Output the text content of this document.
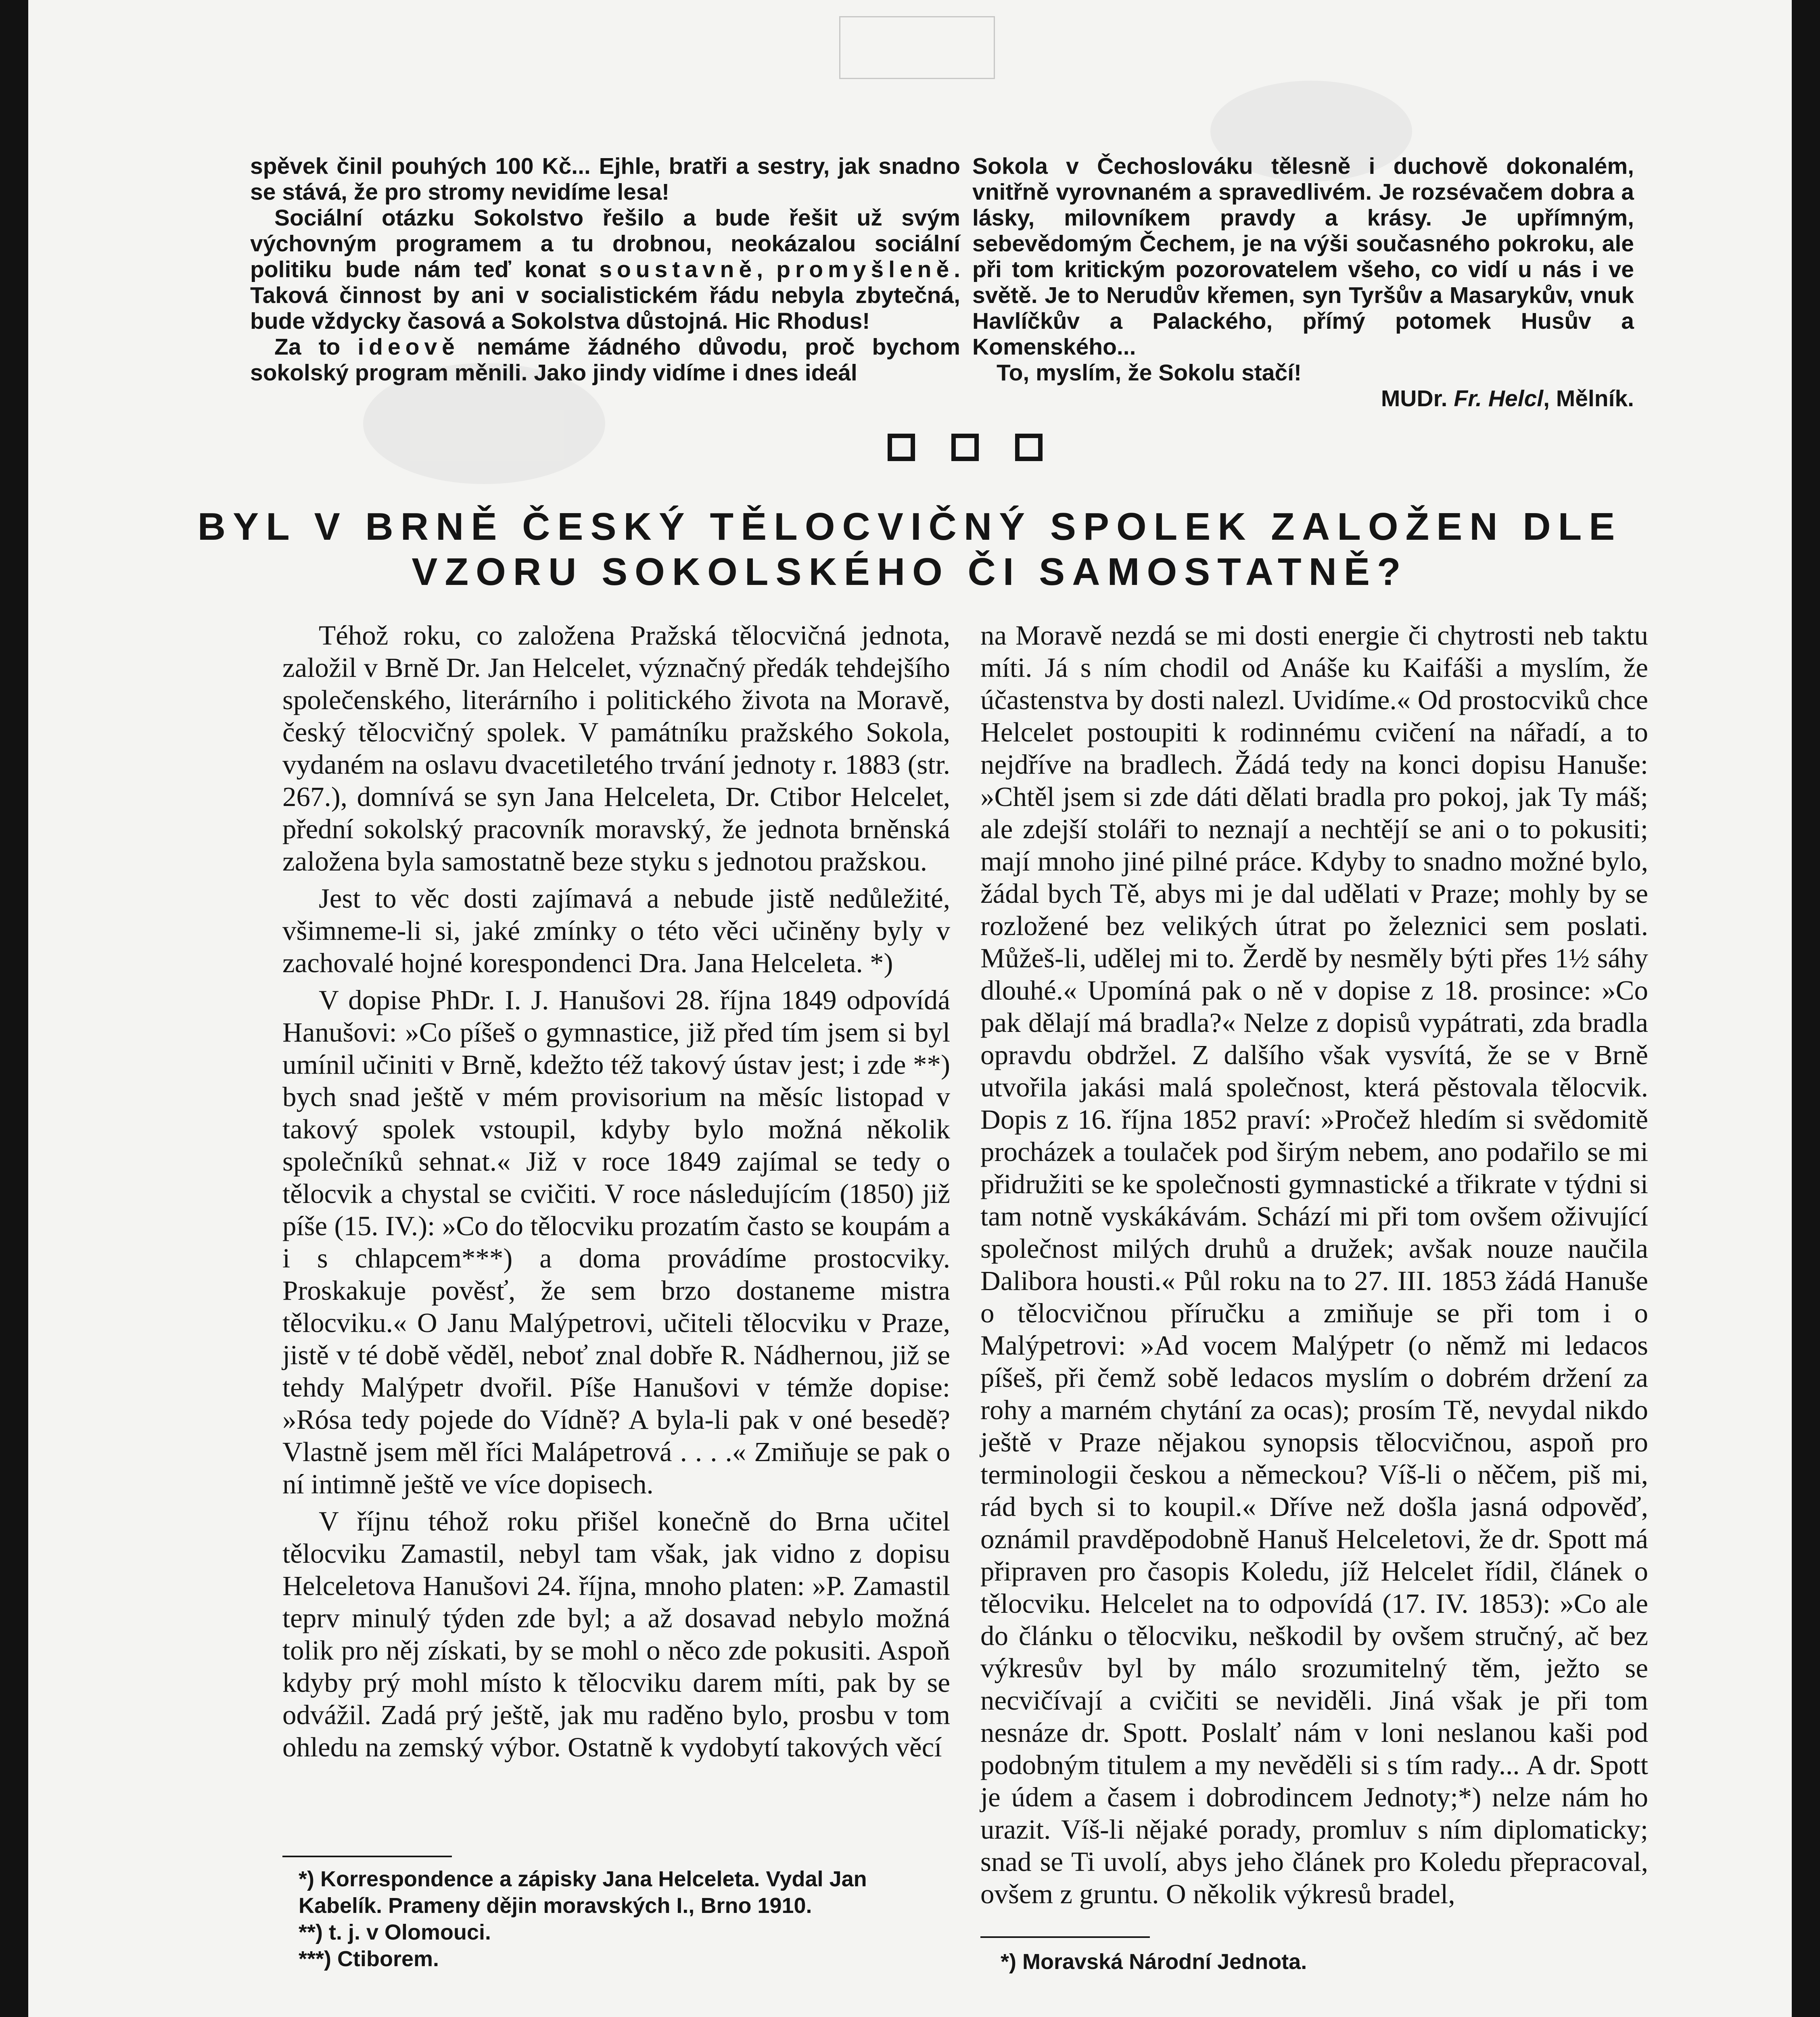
spěvek činil pouhých 100 Kč... Ejhle, bratři a sestry, jak snadno se stává, že pro stromy nevidíme lesa!

Sociální otázku Sokolstvo řešilo a bude řešit už svým výchovným programem a tu drobnou, neokázalou sociální politiku bude nám teď konat soustavně, promyšleně. Taková činnost by ani v socialistickém řádu nebyla zbytečná, bude vždycky časová a Sokolstva důstojná. Hic Rhodus!

Za to ideově nemáme žádného důvodu, proč bychom sokolský program měnili. Jako jindy vidíme i dnes ideál

Sokola v Čechoslováku tělesně i duchově dokonalém, vnitřně vyrovnaném a spravedlivém. Je rozsévačem dobra a lásky, milovníkem pravdy a krásy. Je upřímným, sebevědomým Čechem, je na výši současného pokroku, ale při tom kritickým pozorovatelem všeho, co vidí u nás i ve světě. Je to Nerudův křemen, syn Tyršův a Masarykův, vnuk Havlíčkův a Palackého, přímý potomek Husův a Komenského...

To, myslím, že Sokolu stačí!

MUDr. Fr. Helcl, Mělník.

BYL V BRNĚ ČESKÝ TĚLOCVIČNÝ SPOLEK ZALOŽEN DLE
VZORU SOKOLSKÉHO ČI SAMOSTATNĚ?

Téhož roku, co založena Pražská tělocvičná jednota, založil v Brně Dr. Jan Helcelet, význačný předák tehdejšího společenského, literárního i politického života na Moravě, český tělocvičný spolek. V památníku pražského Sokola, vydaném na oslavu dvacetiletého trvání jednoty r. 1883 (str. 267.), domnívá se syn Jana Helceleta, Dr. Ctibor Helcelet, přední sokolský pracovník moravský, že jednota brněnská založena byla samostatně beze styku s jednotou pražskou.

Jest to věc dosti zajímavá a nebude jistě nedůležité, všimneme-li si, jaké zmínky o této věci učiněny byly v zachovalé hojné korespondenci Dra. Jana Helceleta. *)

V dopise PhDr. I. J. Hanušovi 28. října 1849 odpovídá Hanušovi: »Co píšeš o gymnastice, již před tím jsem si byl umínil učiniti v Brně, kdežto též takový ústav jest; i zde **) bych snad ještě v mém provisorium na měsíc listopad v takový spolek vstoupil, kdyby bylo možná několik společníků sehnat.« Již v roce 1849 zajímal se tedy o tělocvik a chystal se cvičiti. V roce následujícím (1850) již píše (15. IV.): »Co do tělocviku prozatím často se koupám a i s chlapcem***) a doma provádíme prostocviky. Proskakuje pověsť, že sem brzo dostaneme mistra tělocviku.« O Janu Malýpetrovi, učiteli tělocviku v Praze, jistě v té době věděl, neboť znal dobře R. Nádhernou, již se tehdy Malýpetr dvořil. Píše Hanušovi v témže dopise: »Rósa tedy pojede do Vídně? A byla-li pak v oné besedě? Vlastně jsem měl říci Malápetrová . . . .« Zmiňuje se pak o ní intimně ještě ve více dopisech.

V říjnu téhož roku přišel konečně do Brna učitel tělocviku Zamastil, nebyl tam však, jak vidno z dopisu Helceletova Hanušovi 24. října, mnoho platen: »P. Zamastil teprv minulý týden zde byl; a až dosavad nebylo možná tolik pro něj získati, by se mohl o něco zde pokusiti. Aspoň kdyby prý mohl místo k tělocviku darem míti, pak by se odvážil. Zadá prý ještě, jak mu raděno bylo, prosbu v tom ohledu na zemský výbor. Ostatně k vydobytí takových věcí

na Moravě nezdá se mi dosti energie či chytrosti neb taktu míti. Já s ním chodil od Anáše ku Kaifáši a myslím, že účastenstva by dosti nalezl. Uvidíme.« Od prostocviků chce Helcelet postoupiti k rodinnému cvičení na nářadí, a to nejdříve na bradlech. Žádá tedy na konci dopisu Hanuše: »Chtěl jsem si zde dáti dělati bradla pro pokoj, jak Ty máš; ale zdejší stoláři to neznají a nechtějí se ani o to pokusiti; mají mnoho jiné pilné práce. Kdyby to snadno možné bylo, žádal bych Tě, abys mi je dal udělati v Praze; mohly by se rozložené bez velikých útrat po železnici sem poslati. Můžeš-li, udělej mi to. Žerdě by nesměly býti přes 1½ sáhy dlouhé.« Upomíná pak o ně v dopise z 18. prosince: »Co pak dělají má bradla?« Nelze z dopisů vypátrati, zda bradla opravdu obdržel. Z dalšího však vysvítá, že se v Brně utvořila jakási malá společnost, která pěstovala tělocvik. Dopis z 16. října 1852 praví: »Pročež hledím si svědomitě procházek a toulaček pod širým nebem, ano podařilo se mi přidružiti se ke společnosti gymnastické a třikrate v týdni si tam notně vyskákávám. Schází mi při tom ovšem oživující společnost milých druhů a družek; avšak nouze naučila Dalibora housti.« Půl roku na to 27. III. 1853 žádá Hanuše o tělocvičnou příručku a zmiňuje se při tom i o Malýpetrovi: »Ad vocem Malýpetr (o němž mi ledacos píšeš, při čemž sobě ledacos myslím o dobrém držení za rohy a marném chytání za ocas); prosím Tě, nevydal nikdo ještě v Praze nějakou synopsis tělocvičnou, aspoň pro terminologii českou a německou? Víš-li o něčem, piš mi, rád bych si to koupil.« Dříve než došla jasná odpověď, oznámil pravděpodobně Hanuš Helceletovi, že dr. Spott má připraven pro časopis Koledu, jíž Helcelet řídil, článek o tělocviku. Helcelet na to odpovídá (17. IV. 1853): »Co ale do článku o tělocviku, neškodil by ovšem stručný, ač bez výkresův byl by málo srozumitelný těm, ježto se necvičívají a cvičiti se neviděli. Jiná však je při tom nesnáze dr. Spott. Poslalť nám v loni neslanou kaši pod podobným titulem a my nevěděli si s tím rady... A dr. Spott je údem a časem i dobrodincem Jednoty;*) nelze nám ho urazit. Víš-li nějaké porady, promluv s ním diplomaticky; snad se Ti uvolí, abys jeho článek pro Koledu přepracoval, ovšem z gruntu. O několik výkresů bradel,

*) Korrespondence a zápisky Jana Helceleta. Vydal Jan Kabelík. Prameny dějin moravských I., Brno 1910.
**) t. j. v Olomouci.
***) Ctiborem.	*) Moravská Národní Jednota.
